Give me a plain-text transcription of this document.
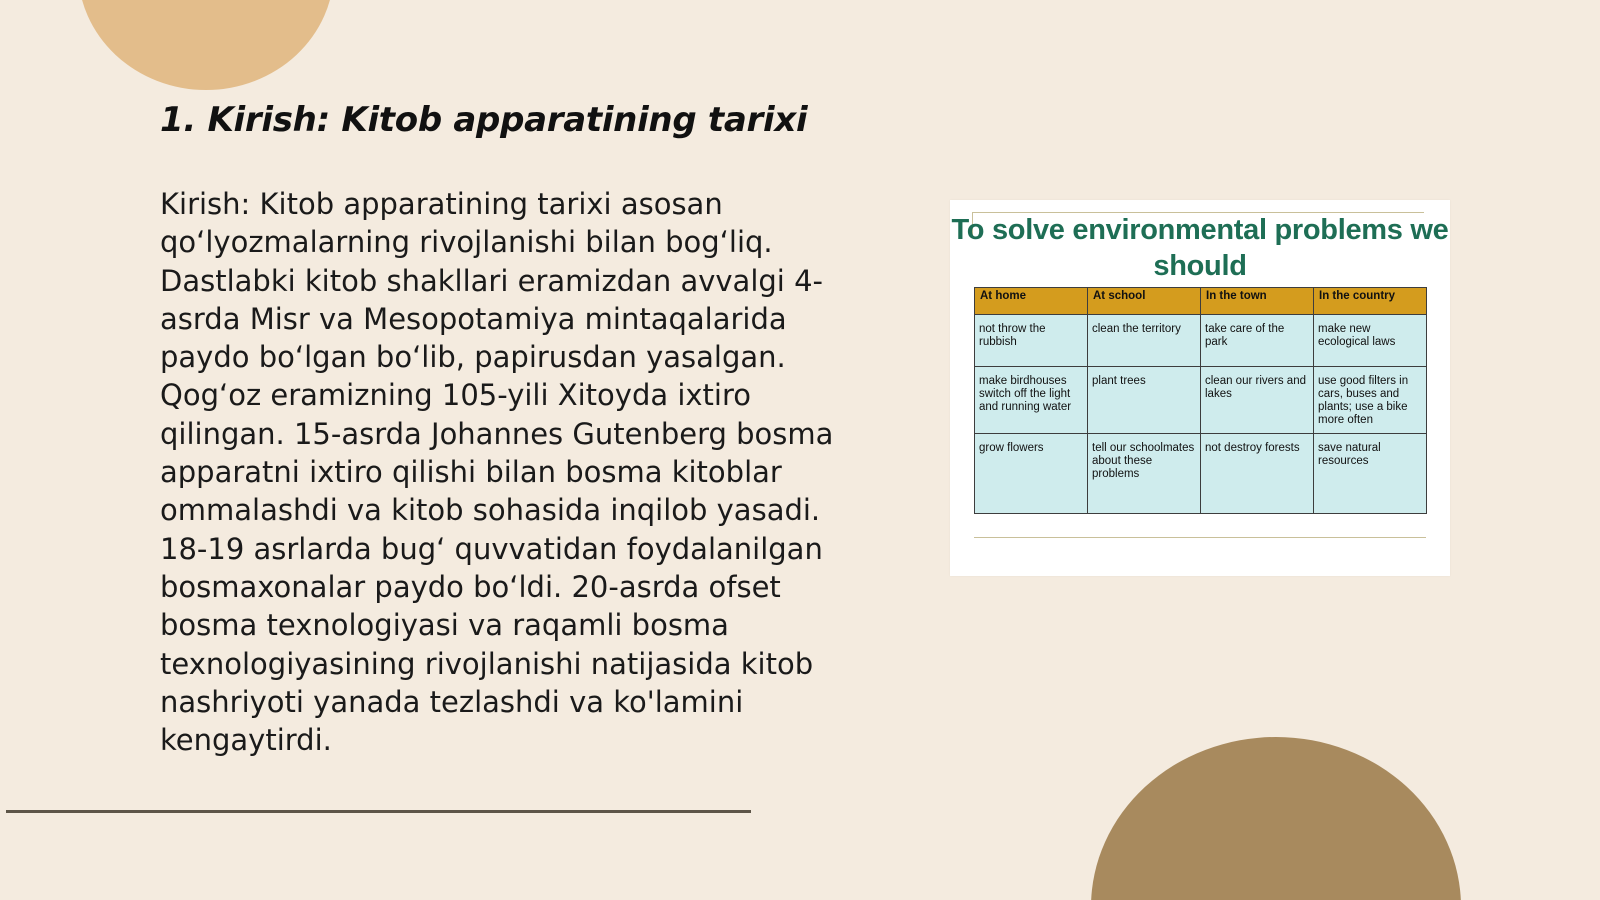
1. Kirish: Kitob apparatining tarixi
Kirish: Kitob apparatining tarixi asosan qo‘lyozmalarning rivojlanishi bilan bog‘liq. Dastlabki kitob shakllari eramizdan avvalgi 4-asrda Misr va Mesopotamiya mintaqalarida paydo bo‘lgan bo‘lib, papirusdan yasalgan. Qog‘oz eramizning 105-yili Xitoyda ixtiro qilingan. 15-asrda Johannes Gutenberg bosma apparatni ixtiro qilishi bilan bosma kitoblar ommalashdi va kitob sohasida inqilob yasadi. 18-19 asrlarda bug‘ quvvatidan foydalanilgan bosmaxonalar paydo bo‘ldi. 20-asrda ofset bosma texnologiyasi va raqamli bosma texnologiyasining rivojlanishi natijasida kitob nashriyoti yanada tezlashdi va ko'lamini kengaytirdi.
To solve environmental problems we should
At home	At school	In the town	In the country
not throw the rubbish	clean the territory	take care of the park	make new ecological laws
make birdhouses switch off the light and running water	plant trees	clean our rivers and lakes	use good filters in cars, buses and plants; use a bike more often
grow flowers	tell our schoolmates about these problems	not destroy forests	save natural resources
